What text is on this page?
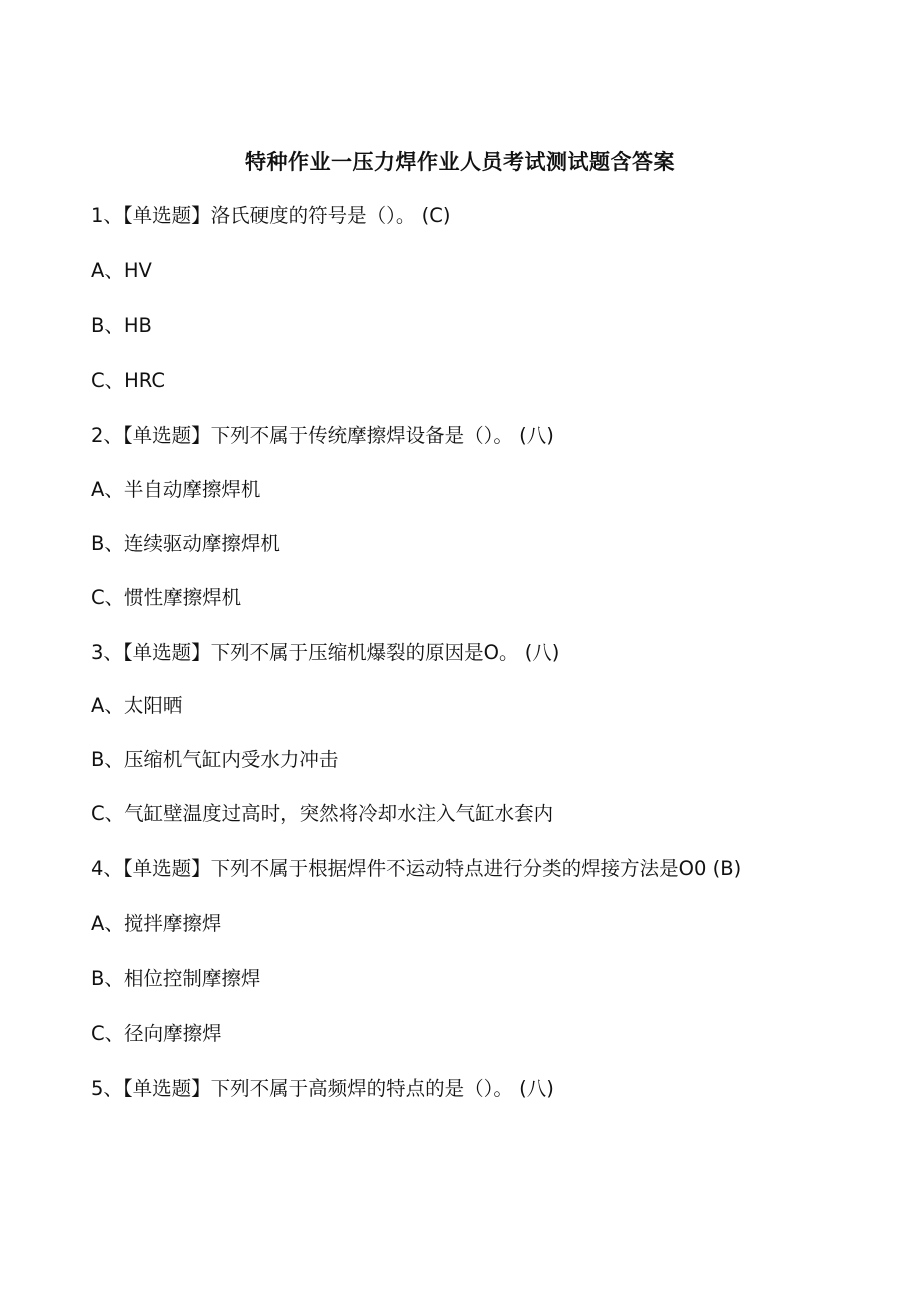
特种作业一压力焊作业人员考试测试题含答案
1、【单选题】洛氏硬度的符号是（）。 (C)
A、HV
B、HB
C、HRC
2、【单选题】下列不属于传统摩擦焊设备是（）。 (八)
A、半自动摩擦焊机
B、连续驱动摩擦焊机
C、惯性摩擦焊机
3、【单选题】下列不属于压缩机爆裂的原因是O。 (八)
A、太阳晒
B、压缩机气缸内受水力冲击
C、气缸壁温度过高时，突然将冷却水注入气缸水套内
4、【单选题】下列不属于根据焊件不运动特点进行分类的焊接方法是O0 (B)
A、搅拌摩擦焊
B、相位控制摩擦焊
C、径向摩擦焊
5、【单选题】下列不属于高频焊的特点的是（）。 (八)
